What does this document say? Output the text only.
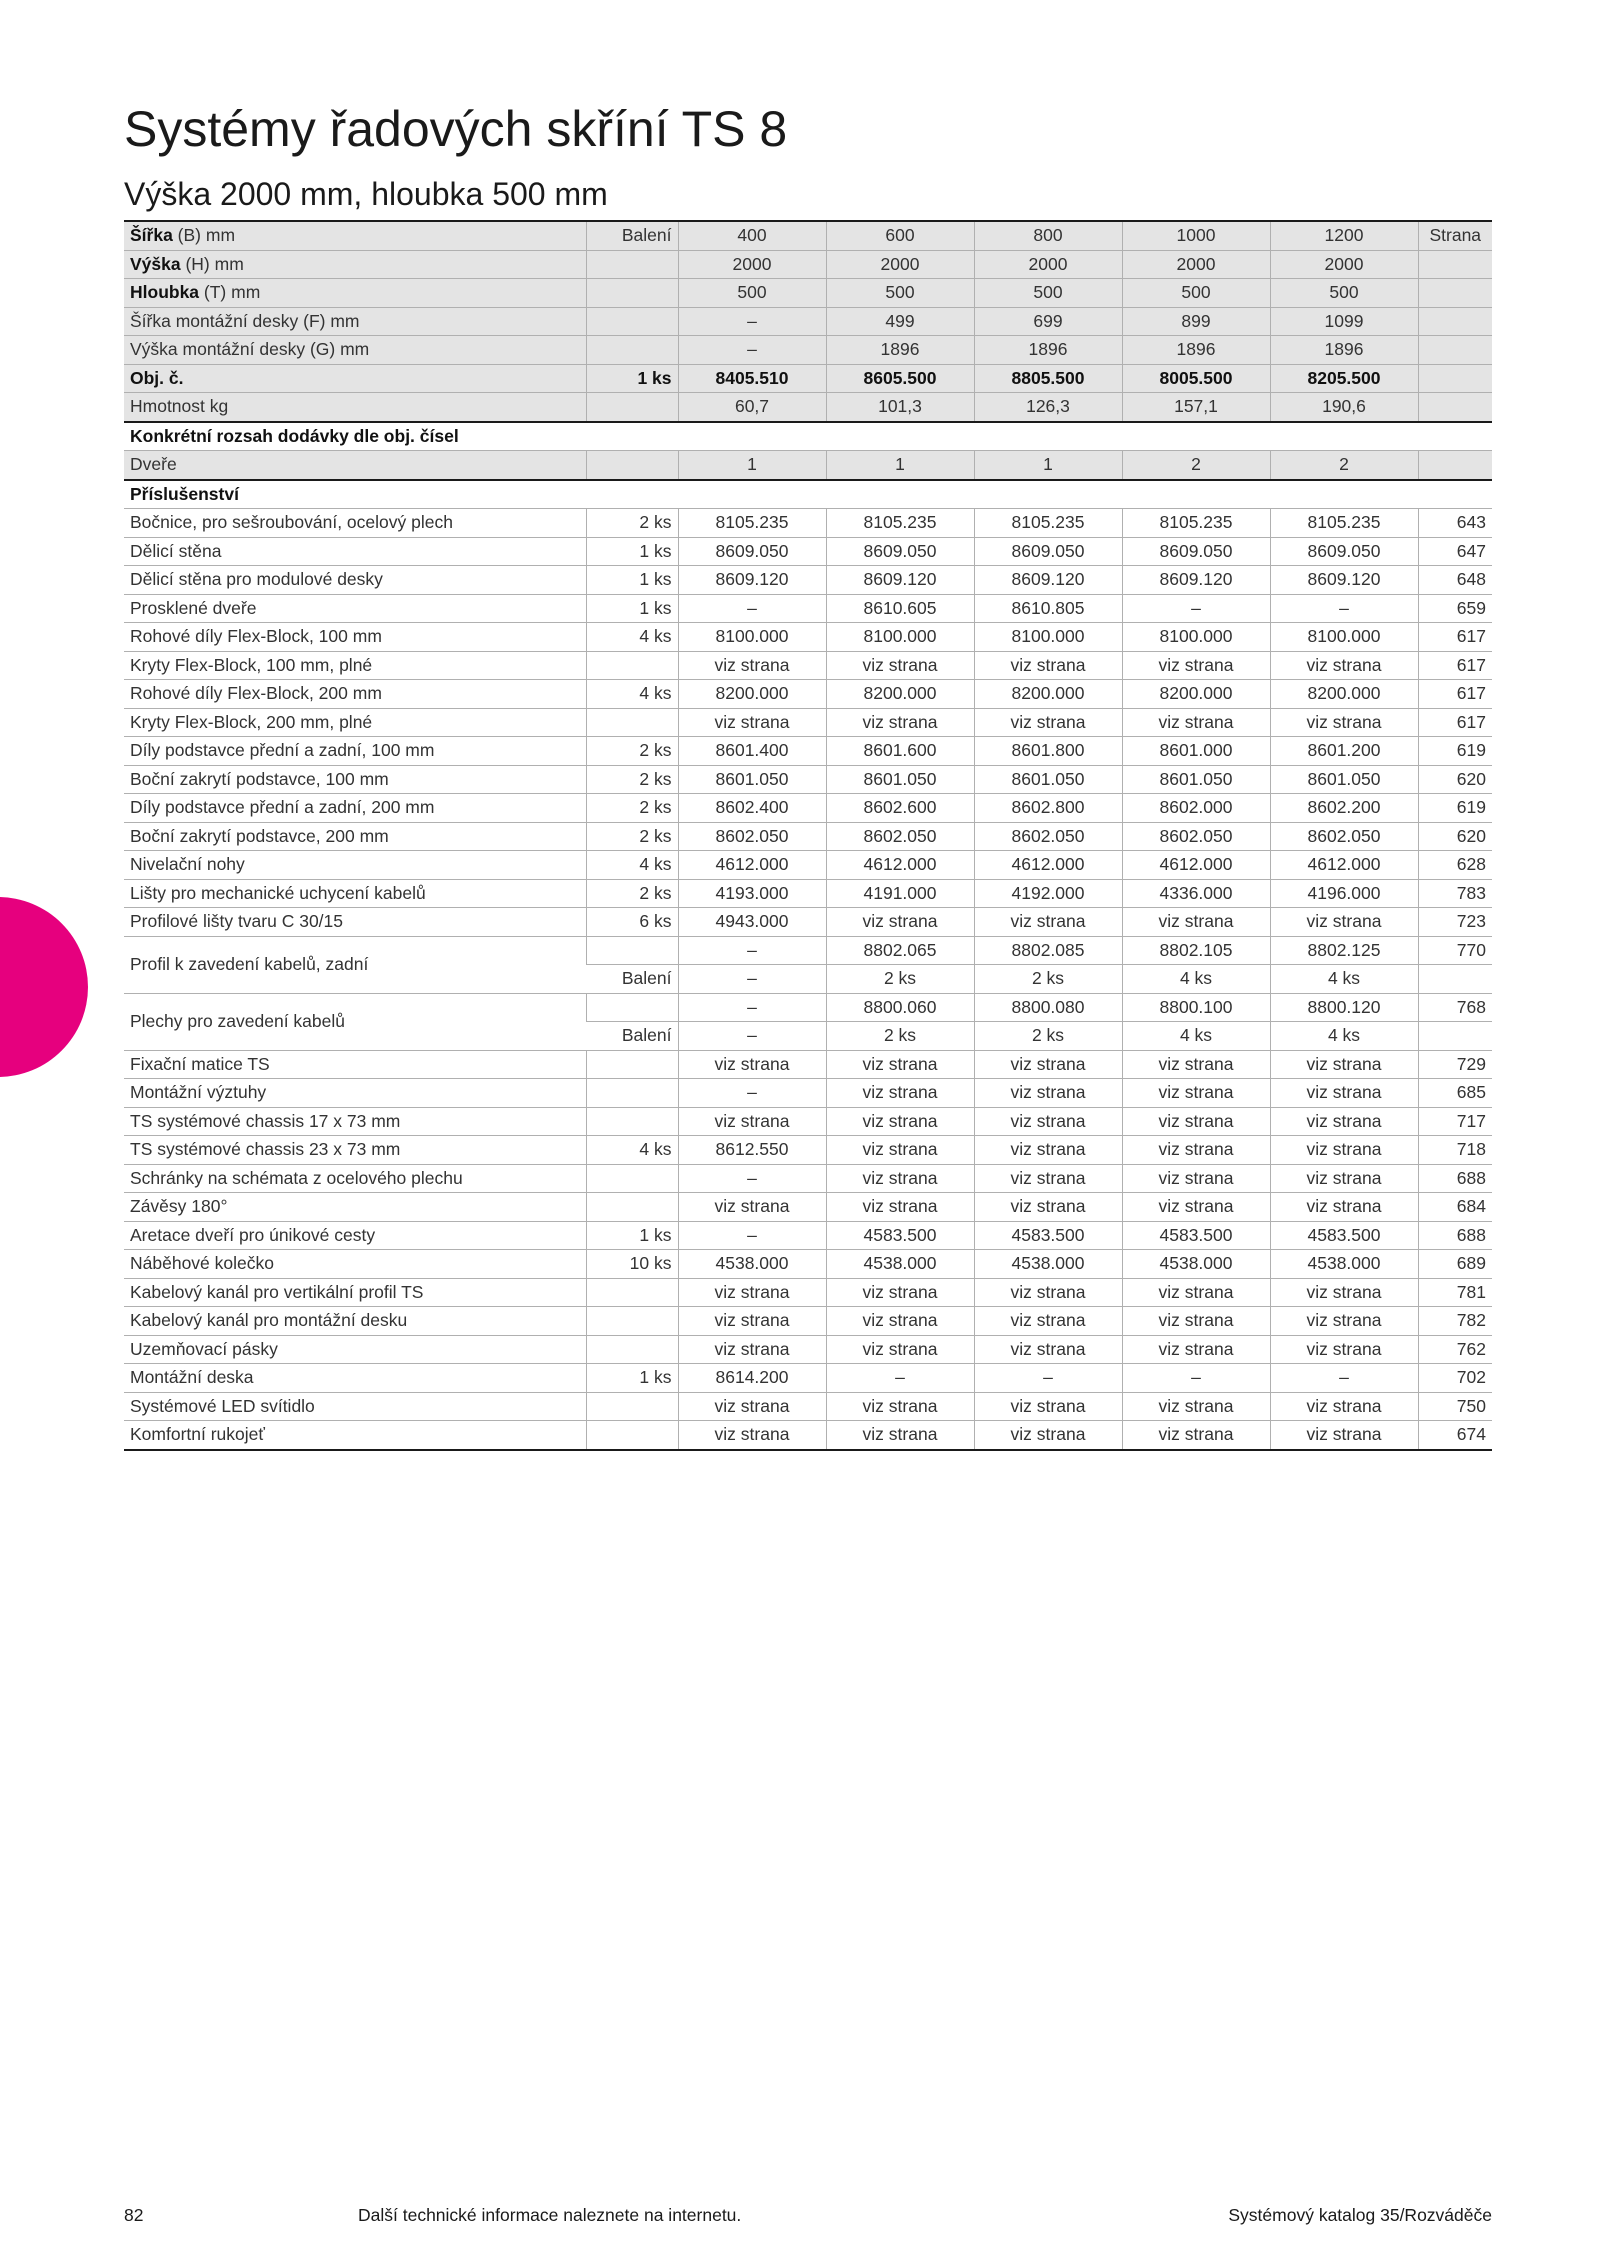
Systémy řadových skříní TS 8
Výška 2000 mm, hloubka 500 mm
Šířka (B) mm	Balení	400	600	800	1000	1200	Strana
Výška (H) mm		2000	2000	2000	2000	2000	
Hloubka (T) mm		500	500	500	500	500	
Šířka montážní desky (F) mm		–	499	699	899	1099	
Výška montážní desky (G) mm		–	1896	1896	1896	1896	
Obj. č.	1 ks	8405.510	8605.500	8805.500	8005.500	8205.500	
Hmotnost kg		60,7	101,3	126,3	157,1	190,6	
Konkrétní rozsah dodávky dle obj. čísel							
Dveře		1	1	1	2	2	
Příslušenství							
Bočnice, pro sešroubování, ocelový plech	2 ks	8105.235	8105.235	8105.235	8105.235	8105.235	643
Dělicí stěna	1 ks	8609.050	8609.050	8609.050	8609.050	8609.050	647
Dělicí stěna pro modulové desky	1 ks	8609.120	8609.120	8609.120	8609.120	8609.120	648
Prosklené dveře	1 ks	–	8610.605	8610.805	–	–	659
Rohové díly Flex-Block, 100 mm	4 ks	8100.000	8100.000	8100.000	8100.000	8100.000	617
Kryty Flex-Block, 100 mm, plné		viz strana	viz strana	viz strana	viz strana	viz strana	617
Rohové díly Flex-Block, 200 mm	4 ks	8200.000	8200.000	8200.000	8200.000	8200.000	617
Kryty Flex-Block, 200 mm, plné		viz strana	viz strana	viz strana	viz strana	viz strana	617
Díly podstavce přední a zadní, 100 mm	2 ks	8601.400	8601.600	8601.800	8601.000	8601.200	619
Boční zakrytí podstavce, 100 mm	2 ks	8601.050	8601.050	8601.050	8601.050	8601.050	620
Díly podstavce přední a zadní, 200 mm	2 ks	8602.400	8602.600	8602.800	8602.000	8602.200	619
Boční zakrytí podstavce, 200 mm	2 ks	8602.050	8602.050	8602.050	8602.050	8602.050	620
Nivelační nohy	4 ks	4612.000	4612.000	4612.000	4612.000	4612.000	628
Lišty pro mechanické uchycení kabelů	2 ks	4193.000	4191.000	4192.000	4336.000	4196.000	783
Profilové lišty tvaru C 30/15	6 ks	4943.000	viz strana	viz strana	viz strana	viz strana	723
Profil k zavedení kabelů, zadní		–	8802.065	8802.085	8802.105	8802.125	770
	Balení	–	2 ks	2 ks	4 ks	4 ks	
Plechy pro zavedení kabelů		–	8800.060	8800.080	8800.100	8800.120	768
	Balení	–	2 ks	2 ks	4 ks	4 ks	
Fixační matice TS		viz strana	viz strana	viz strana	viz strana	viz strana	729
Montážní výztuhy		–	viz strana	viz strana	viz strana	viz strana	685
TS systémové chassis 17 x 73 mm		viz strana	viz strana	viz strana	viz strana	viz strana	717
TS systémové chassis 23 x 73 mm	4 ks	8612.550	viz strana	viz strana	viz strana	viz strana	718
Schránky na schémata z ocelového plechu		–	viz strana	viz strana	viz strana	viz strana	688
Závěsy 180°		viz strana	viz strana	viz strana	viz strana	viz strana	684
Aretace dveří pro únikové cesty	1 ks	–	4583.500	4583.500	4583.500	4583.500	688
Náběhové kolečko	10 ks	4538.000	4538.000	4538.000	4538.000	4538.000	689
Kabelový kanál pro vertikální profil TS		viz strana	viz strana	viz strana	viz strana	viz strana	781
Kabelový kanál pro montážní desku		viz strana	viz strana	viz strana	viz strana	viz strana	782
Uzemňovací pásky		viz strana	viz strana	viz strana	viz strana	viz strana	762
Montážní deska	1 ks	8614.200	–	–	–	–	702
Systémové LED svítidlo		viz strana	viz strana	viz strana	viz strana	viz strana	750
Komfortní rukojeť		viz strana	viz strana	viz strana	viz strana	viz strana	674
82	Další technické informace naleznete na internetu.	Systémový katalog 35/Rozváděče
